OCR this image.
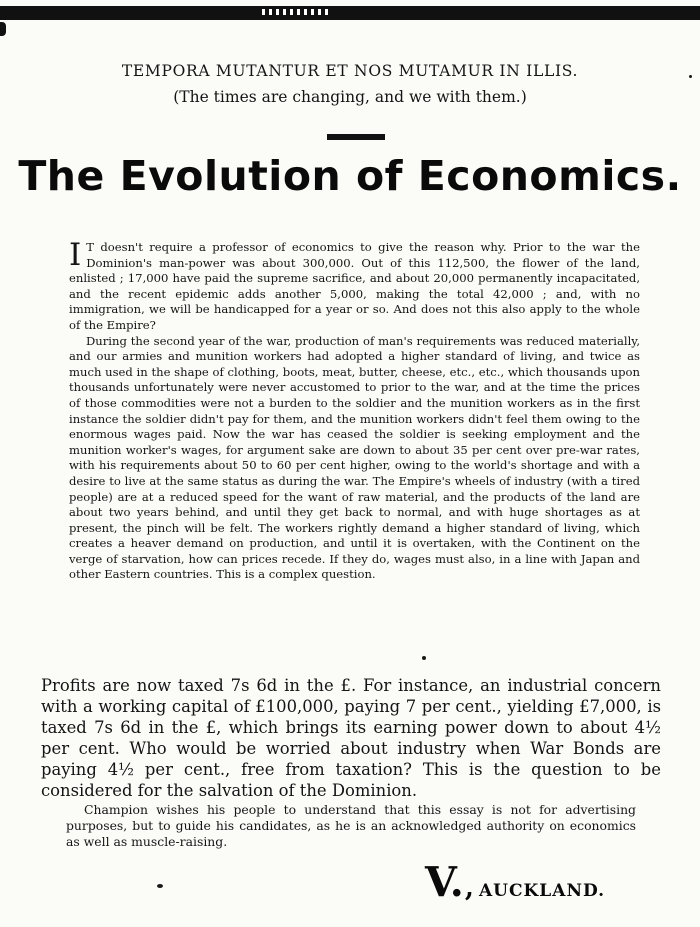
TEMPORA MUTANTUR ET NOS MUTAMUR IN ILLIS.
(The times are changing, and we with them.)
The Evolution of Economics.

I T doesn't require a professor of economics to give the reason why. Prior to the war the Dominion's man-power was about 300,000. Out of this 112,500, the flower of the land, enlisted ; 17,000 have paid the supreme sacrifice, and about 20,000 permanently incapacitated, and the recent epidemic adds another 5,000, making the total 42,000 ; and, with no immigration, we will be handicapped for a year or so. And does not this also apply to the whole of the Empire?

During the second year of the war, production of man's requirements was reduced materially, and our armies and munition workers had adopted a higher standard of living, and twice as much used in the shape of clothing, boots, meat, butter, cheese, etc., etc., which thousands upon thousands unfortunately were never accustomed to prior to the war, and at the time the prices of those commodities were not a burden to the soldier and the munition workers as in the first instance the soldier didn't pay for them, and the munition workers didn't feel them owing to the enormous wages paid. Now the war has ceased the soldier is seeking employment and the munition worker's wages, for argument sake are down to about 35 per cent over pre-war rates, with his requirements about 50 to 60 per cent higher, owing to the world's shortage and with a desire to live at the same status as during the war. The Empire's wheels of industry (with a tired people) are at a reduced speed for the want of raw material, and the products of the land are about two years behind, and until they get back to normal, and with huge shortages as at present, the pinch will be felt. The workers rightly demand a higher standard of living, which creates a heaver demand on production, and until it is overtaken, with the Continent on the verge of starvation, how can prices recede. If they do, wages must also, in a line with Japan and other Eastern countries. This is a complex question.

Profits are now taxed 7s 6d in the £. For instance, an industrial concern with a working capital of £100,000, paying 7 per cent., yielding £7,000, is taxed 7s 6d in the £, which brings its earning power down to about 4½ per cent. Who would be worried about industry when War Bonds are paying 4½ per cent., free from taxation? This is the question to be considered for the salvation of the Dominion.

Champion wishes his people to understand that this essay is not for advertising purposes, but to guide his candidates, as he is an acknowledged authority on economics as well as muscle-raising.

V., AUCKLAND.
